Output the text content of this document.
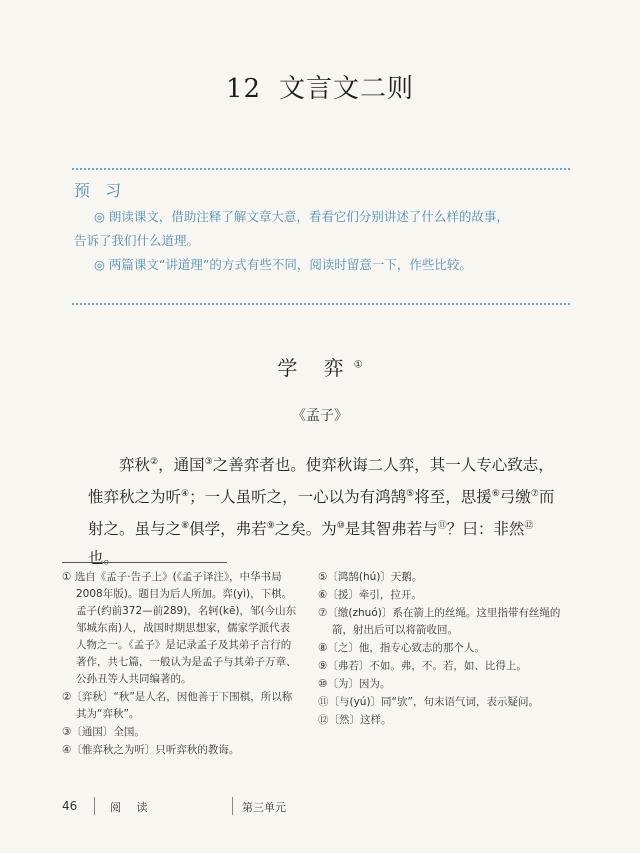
12 文言文二则
预 习

◎ 朗读课文，借助注释了解文章大意，看看它们分别讲述了什么样的故事，

告诉了我们什么道理。

◎ 两篇课文“讲道理”的方式有些不同，阅读时留意一下，作些比较。

学 弈①
《孟子》

弈秋②，通国③之善弈者也。使弈秋诲二人弈，其一人专心致志，惟弈秋之为听④；一人虽听之，一心以为有鸿鹄⑤将至，思援⑥弓缴⑦而射之。虽与之⑧俱学，弗若⑨之矣。为⑩是其智弗若与⑪？曰：非然⑫也。

① 选自《孟子·告子上》(《孟子译注》，中华书局2008年版)。题目为后人所加。弈(yì)，下棋。孟子(约前372—前289)，名轲(kē)，邹(今山东邹城东南)人，战国时期思想家，儒家学派代表人物之一。《孟子》是记录孟子及其弟子言行的著作，共七篇，一般认为是孟子与其弟子万章、公孙丑等人共同编著的。

②〔弈秋〕“秋”是人名，因他善于下围棋，所以称其为“弈秋”。

③〔通国〕全国。

④〔惟弈秋之为听〕只听弈秋的教诲。

⑤〔鸿鹄(hú)〕天鹅。

⑥〔援〕牵引，拉开。

⑦〔缴(zhuó)〕系在箭上的丝绳。这里指带有丝绳的箭，射出后可以将箭收回。

⑧〔之〕他，指专心致志的那个人。

⑨〔弗若〕不如。弗，不。若，如、比得上。

⑩〔为〕因为。

⑪〔与(yú)〕同“欤”，句末语气词，表示疑问。

⑫〔然〕这样。

46	阅 读	第三单元
